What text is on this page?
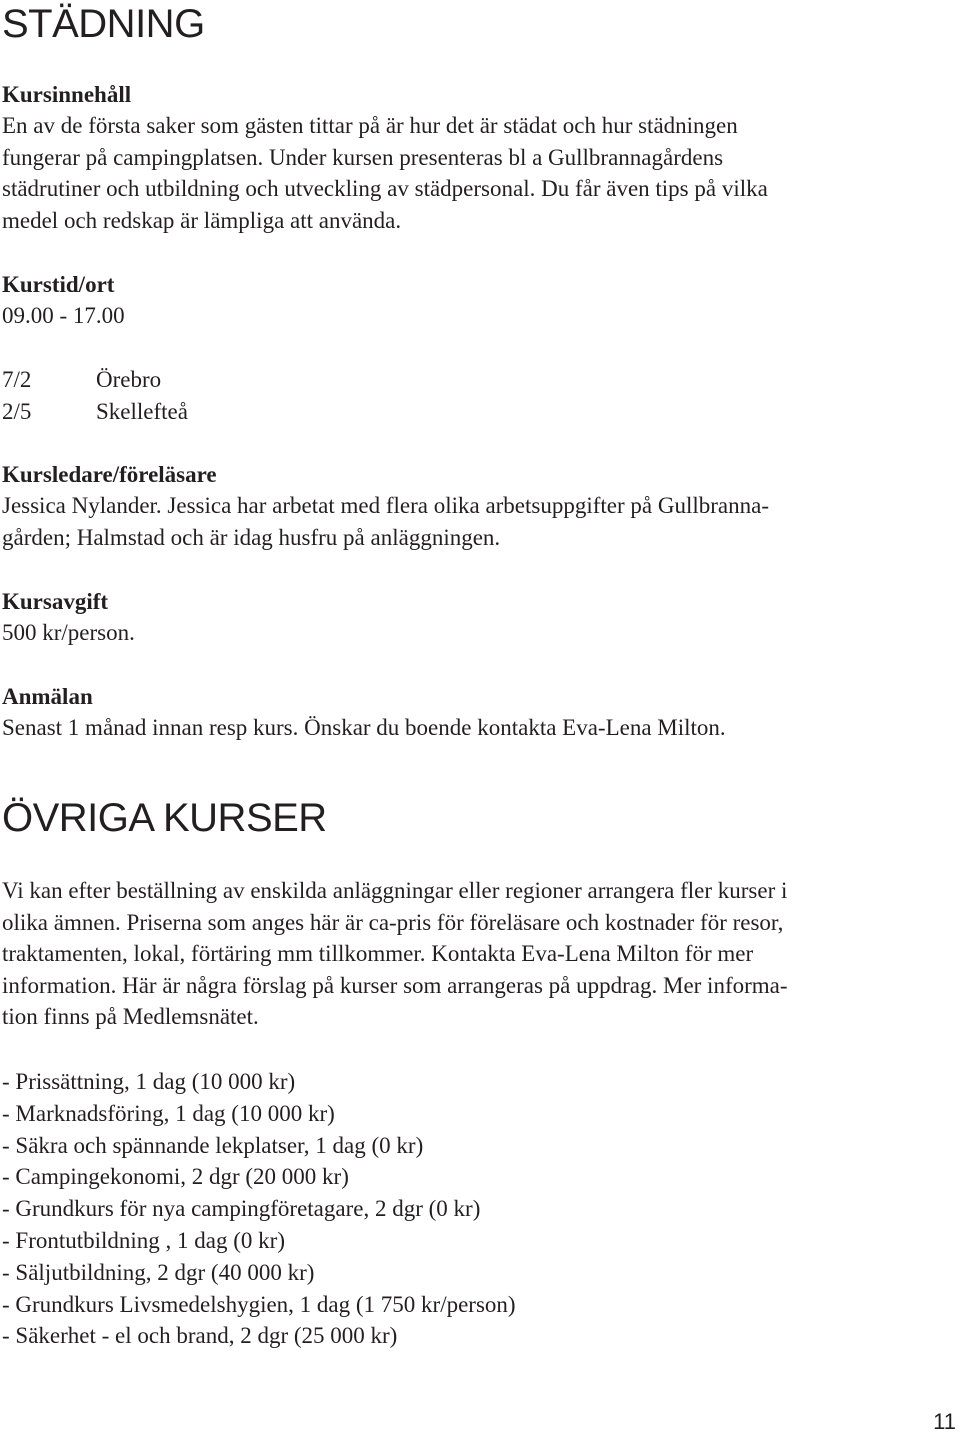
STÄDNING
Kursinnehåll

En av de första saker som gästen tittar på är hur det är städat och hur städningen
fungerar på campingplatsen. Under kursen presenteras bl a Gullbrannagårdens
städrutiner och utbildning och utveckling av städpersonal. Du får även tips på vilka
medel och redskap är lämpliga att använda.

Kurstid/ort
09.00 - 17.00
7/2	Örebro
2/5	Skellefteå
Kursledare/föreläsare

Jessica Nylander. Jessica har arbetat med flera olika arbetsuppgifter på Gullbranna-
gården; Halmstad och är idag husfru på anläggningen.

Kursavgift
500 kr/person.
Anmälan
Senast 1 månad innan resp kurs. Önskar du boende kontakta Eva-Lena Milton.
ÖVRIGA KURSER

Vi kan efter beställning av enskilda anläggningar eller regioner arrangera fler kurser i
olika ämnen. Priserna som anges här är ca-pris för föreläsare och kostnader för resor,
traktamenten, lokal, förtäring mm tillkommer. Kontakta Eva-Lena Milton för mer
information. Här är några förslag på kurser som arrangeras på uppdrag. Mer informa-
tion finns på Medlemsnätet.

- Prissättning, 1 dag (10 000 kr)
- Marknadsföring, 1 dag (10 000 kr)
- Säkra och spännande lekplatser, 1 dag (0 kr)
- Campingekonomi, 2 dgr (20 000 kr)
- Grundkurs för nya campingföretagare, 2 dgr (0 kr)
- Frontutbildning , 1 dag (0 kr)
- Säljutbildning, 2 dgr (40 000 kr)
- Grundkurs Livsmedelshygien, 1 dag (1 750 kr/person)
- Säkerhet - el och brand, 2 dgr (25 000 kr)
11
